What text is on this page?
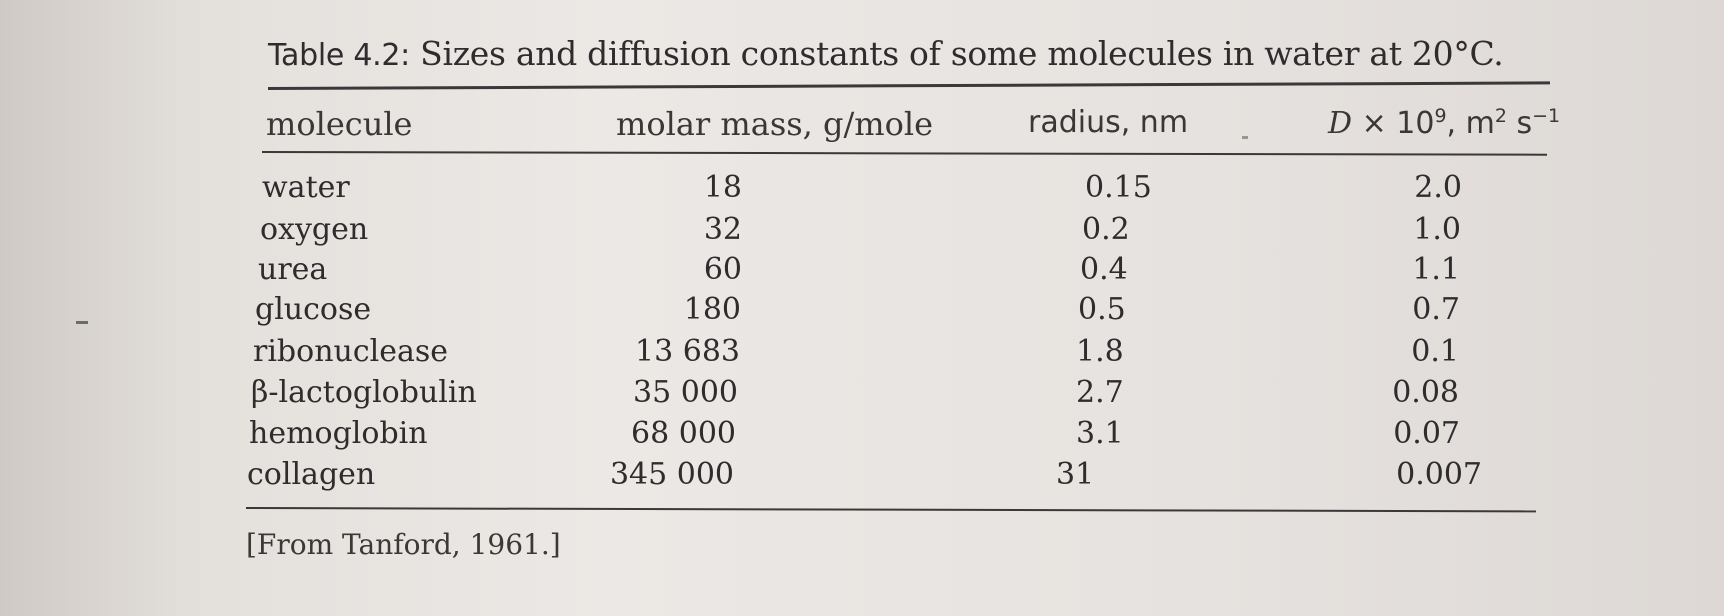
Table 4.2: Sizes and diffusion constants of some molecules in water at 20°C.
molecule	molar mass, g/mole	radius, nm	$D \times 10^9$, $m^2$ $s^{-1}$
water	18	0.15	2.0
oxygen	32	0.2	1.0
urea	60	0.4	1.1
glucose	180	0.5	0.7
ribonuclease	13 683	1.8	0.1
β-lactoglobulin	35 000	2.7	0.08
hemoglobin	68 000	3.1	0.07
collagen	345 000	31	0.007
[From Tanford, 1961.]
